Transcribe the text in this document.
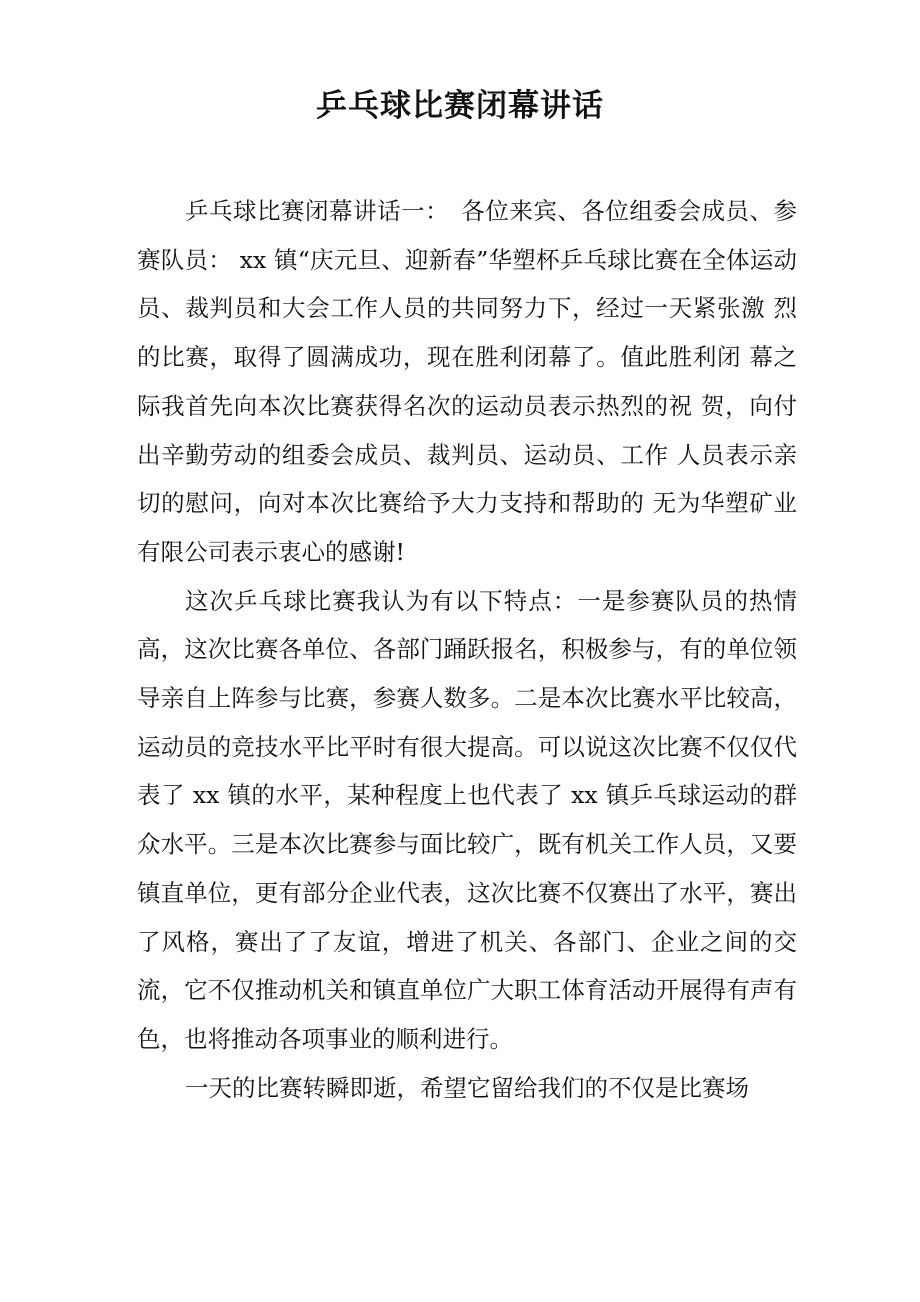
乒乓球比赛闭幕讲话

乒乓球比赛闭幕讲话一：　各位来宾、各位组委会成员、参赛队员： xx 镇“庆元旦、迎新春”华塑杯乒乓球比赛在全体运动 员、裁判员和大会工作人员的共同努力下，经过一天紧张激 烈的比赛，取得了圆满成功，现在胜利闭幕了。值此胜利闭 幕之际我首先向本次比赛获得名次的运动员表示热烈的祝 贺，向付出辛勤劳动的组委会成员、裁判员、运动员、工作 人员表示亲切的慰问，向对本次比赛给予大力支持和帮助的 无为华塑矿业有限公司表示衷心的感谢!

这次乒乓球比赛我认为有以下特点：一是参赛队员的热情高，这次比赛各单位、各部门踊跃报名，积极参与，有的单位领导亲自上阵参与比赛，参赛人数多。二是本次比赛水平比较高，运动员的竞技水平比平时有很大提高。可以说这次比赛不仅仅代表了 xx 镇的水平，某种程度上也代表了 xx 镇乒乓球运动的群众水平。三是本次比赛参与面比较广，既有机关工作人员，又要镇直单位，更有部分企业代表，这次比赛不仅赛出了水平，赛出了风格，赛出了了友谊，增进了机关、各部门、企业之间的交流，它不仅推动机关和镇直单位广大职工体育活动开展得有声有色，也将推动各项事业的顺利进行。

一天的比赛转瞬即逝，希望它留给我们的不仅是比赛场
